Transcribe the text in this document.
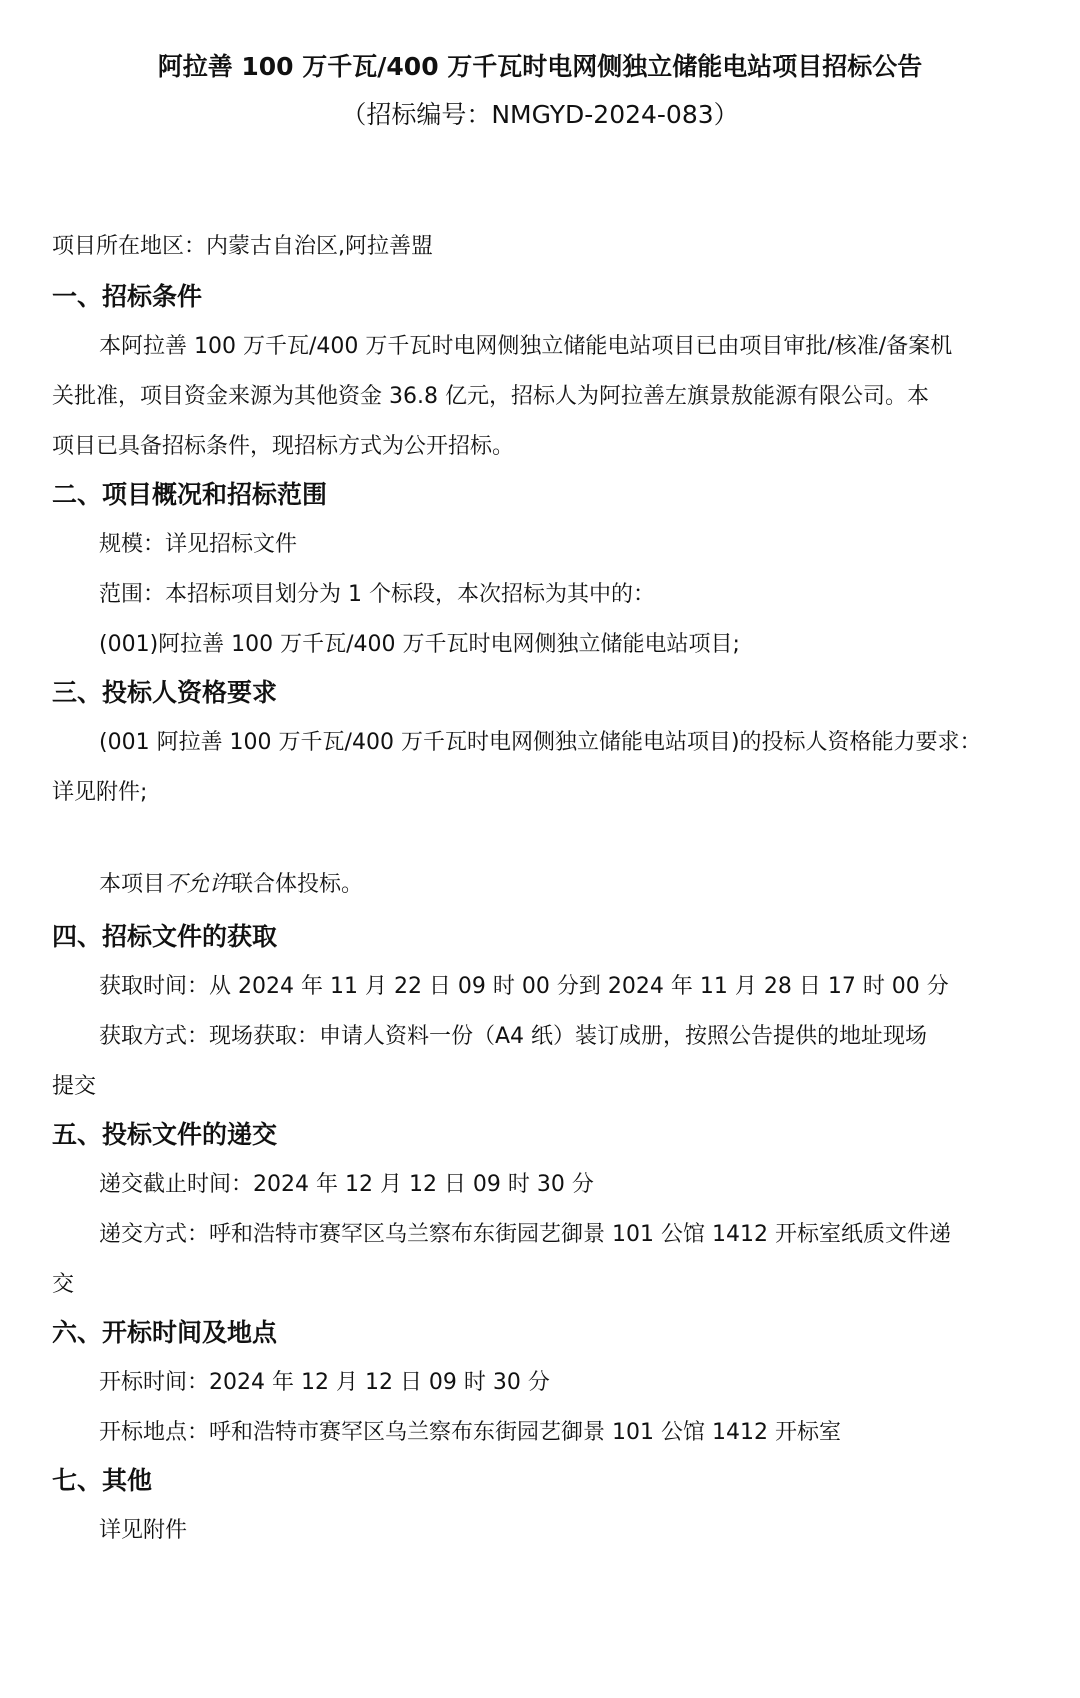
阿拉善 100 万千瓦/400 万千瓦时电网侧独立储能电站项目招标公告

（招标编号：NMGYD-2024-083）

项目所在地区：内蒙古自治区,阿拉善盟

一、招标条件

本阿拉善 100 万千瓦/400 万千瓦时电网侧独立储能电站项目已由项目审批/核准/备案机

关批准，项目资金来源为其他资金 36.8 亿元，招标人为阿拉善左旗景敖能源有限公司。本

项目已具备招标条件，现招标方式为公开招标。

二、项目概况和招标范围

规模：详见招标文件

范围：本招标项目划分为 1 个标段，本次招标为其中的：

(001)阿拉善 100 万千瓦/400 万千瓦时电网侧独立储能电站项目;

三、投标人资格要求

(001 阿拉善 100 万千瓦/400 万千瓦时电网侧独立储能电站项目)的投标人资格能力要求：

详见附件;

本项目不允许联合体投标。

四、招标文件的获取

获取时间：从 2024 年 11 月 22 日 09 时 00 分到 2024 年 11 月 28 日 17 时 00 分

获取方式：现场获取：申请人资料一份（A4 纸）装订成册，按照公告提供的地址现场

提交

五、投标文件的递交

递交截止时间：2024 年 12 月 12 日 09 时 30 分

递交方式：呼和浩特市赛罕区乌兰察布东街园艺御景 101 公馆 1412 开标室纸质文件递

交

六、开标时间及地点

开标时间：2024 年 12 月 12 日 09 时 30 分

开标地点：呼和浩特市赛罕区乌兰察布东街园艺御景 101 公馆 1412 开标室

七、其他

详见附件
